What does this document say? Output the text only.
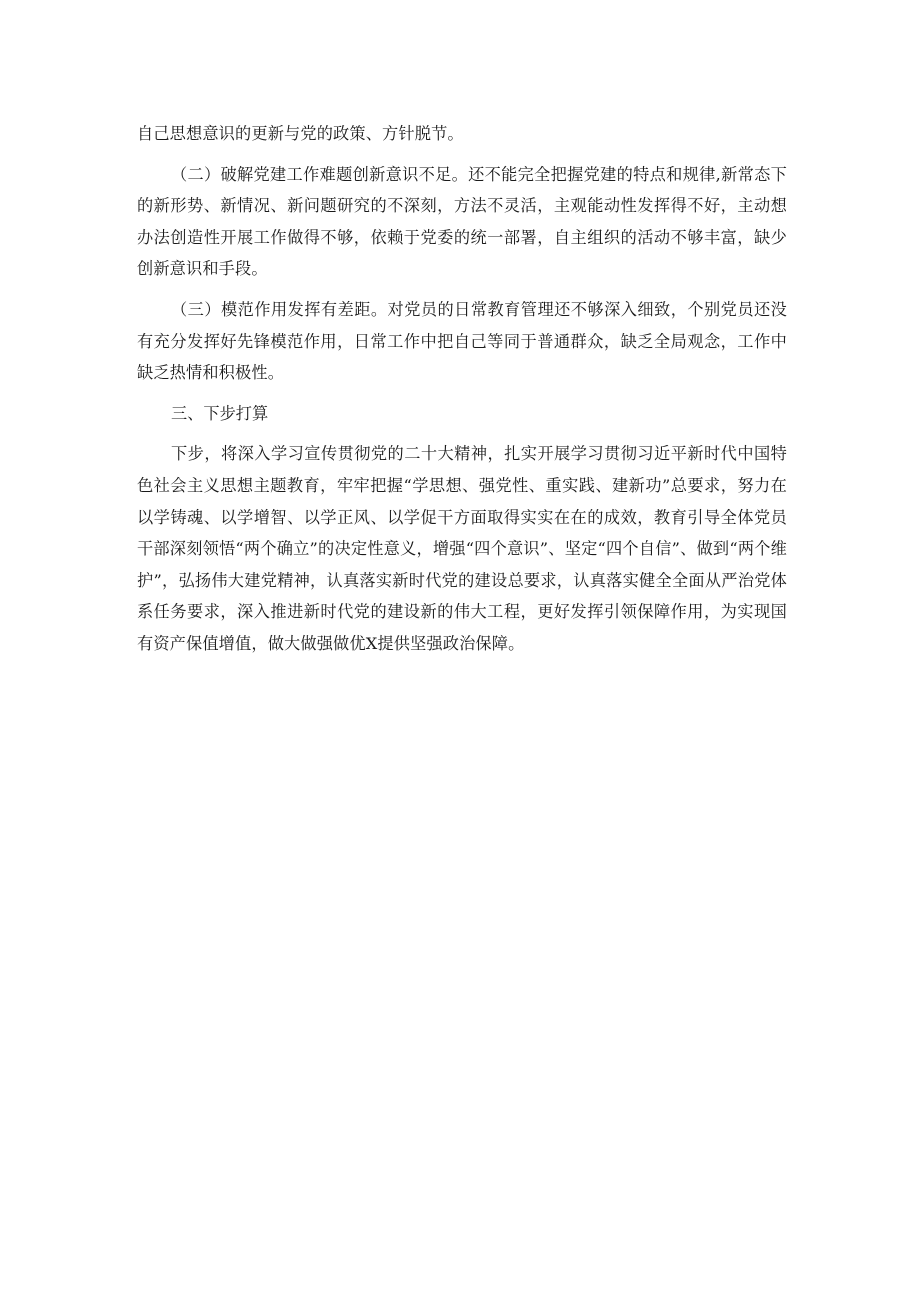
自己思想意识的更新与党的政策、方针脱节。

（二）破解党建工作难题创新意识不足。还不能完全把握党建的特点和规律,新常态下的新形势、新情况、新问题研究的不深刻，方法不灵活，主观能动性发挥得不好，主动想办法创造性开展工作做得不够，依赖于党委的统一部署，自主组织的活动不够丰富，缺少创新意识和手段。

（三）模范作用发挥有差距。对党员的日常教育管理还不够深入细致，个别党员还没有充分发挥好先锋模范作用，日常工作中把自己等同于普通群众，缺乏全局观念，工作中缺乏热情和积极性。

三、下步打算

下步，将深入学习宣传贯彻党的二十大精神，扎实开展学习贯彻习近平新时代中国特色社会主义思想主题教育，牢牢把握“学思想、强党性、重实践、建新功”总要求，努力在以学铸魂、以学增智、以学正风、以学促干方面取得实实在在的成效，教育引导全体党员干部深刻领悟“两个确立”的决定性意义，增强“四个意识”、坚定“四个自信”、做到“两个维护”，弘扬伟大建党精神，认真落实新时代党的建设总要求，认真落实健全全面从严治党体系任务要求，深入推进新时代党的建设新的伟大工程，更好发挥引领保障作用，为实现国有资产保值增值，做大做强做优X提供坚强政治保障。
